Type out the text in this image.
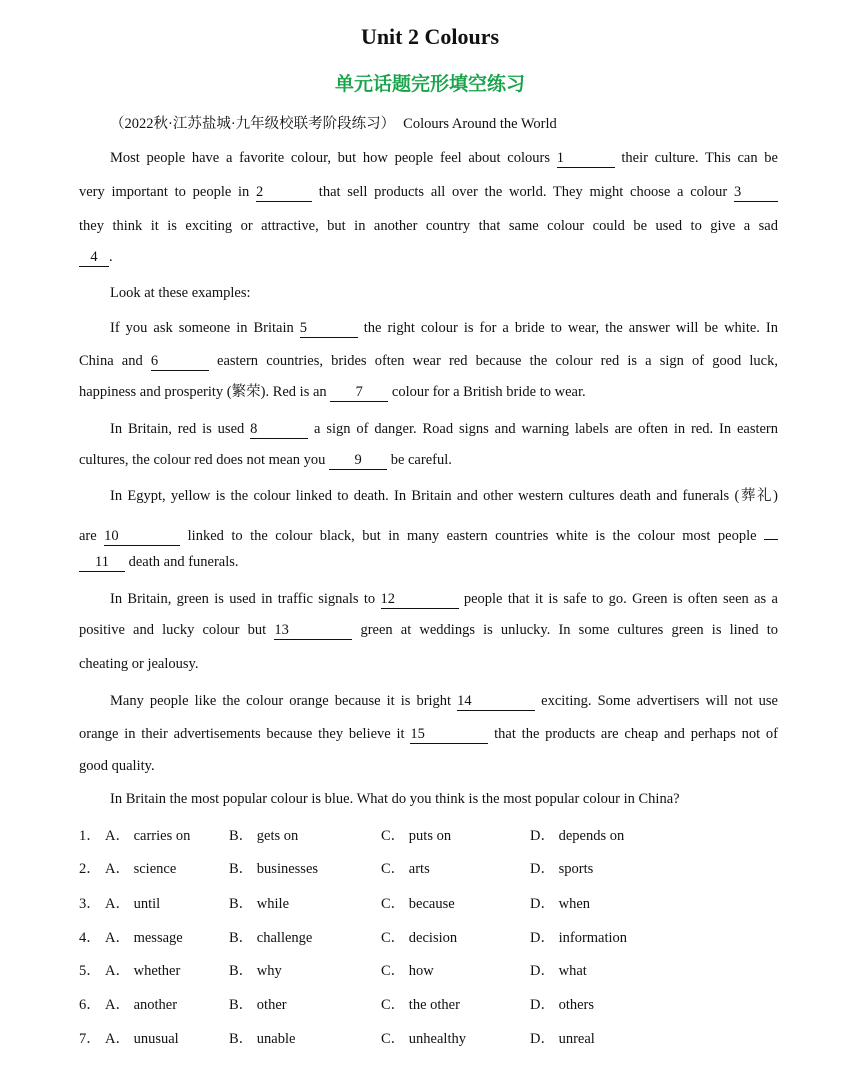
Unit 2 Colours
单元话题完形填空练习
（2022秋·江苏盐城·九年级校联考阶段练习） Colours Around the World
Most people have a favorite colour, but how people feel about colours 1	their culture. This can be
very important to people in 2	that sell products all over the world. They might choose a colour 3
they think it is exciting or attractive, but in another country that same colour could be used to give a sad
4 .
Look at these examples:
If you ask someone in Britain 5	the right colour is for a bride to wear, the answer will be white. In
China and 6	eastern countries, brides often wear red because the colour red is a sign of good luck,
happiness and prosperity (繁荣). Red is an 7 colour for a British bride to wear.
In Britain, red is used 8	a sign of danger. Road signs and warning labels are often in red. In eastern
cultures, the colour red does not mean you 9 be careful.
In Egypt, yellow is the colour linked to death. In Britain and other western cultures death and funerals (葬礼)
are 10	linked to the colour black, but in many eastern countries white is the colour most people
11 death and funerals.
In Britain, green is used in traffic signals to 12	people that it is safe to go. Green is often seen as a
positive and lucky colour but 13	green at weddings is unlucky. In some cultures green is lined to
cheating or jealousy.
Many people like the colour orange because it is bright 14	exciting. Some advertisers will not use
orange in their advertisements because they believe it 15	that the products are cheap and perhaps not of
good quality.
In Britain the most popular colour is blue. What do you think is the most popular colour in China?
1． A． carries on	B． gets on	C． puts on	D． depends on
2． A． science	B． businesses	C． arts	D． sports
3． A． until	B． while	C． because	D． when
4． A． message	B． challenge	C． decision	D． information
5． A． whether	B． why	C． how	D． what
6． A． another	B． other	C． the other	D． others
7． A． unusual	B． unable	C． unhealthy	D． unreal
